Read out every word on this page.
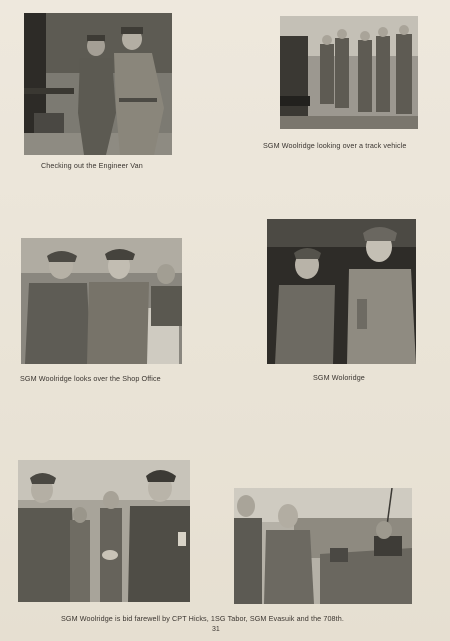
Checking out the Engineer Van
SGM Woolridge looking over a track vehicle
SGM Woolridge looks over the Shop Office	SGM Woloridge
SGM Woolridge is bid farewell by CPT Hicks, 1SG Tabor, SGM Evasuik and the 708th.
31
